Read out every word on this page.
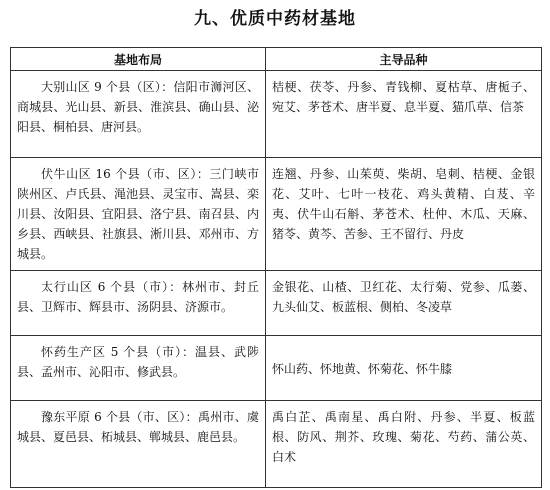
九、优质中药材基地
基地布局	主导品种
大别山区 9 个县（区）：信阳市浉河区、商城县、光山县、新县、淮滨县、确山县、泌阳县、桐柏县、唐河县。	桔梗、茯苓、丹参、青钱柳、夏枯草、唐栀子、宛艾、茅苍术、唐半夏、息半夏、猫爪草、信茶
伏牛山区 16 个县（市、区）：三门峡市陕州区、卢氏县、渑池县、灵宝市、嵩县、栾川县、汝阳县、宜阳县、洛宁县、南召县、内乡县、西峡县、社旗县、淅川县、邓州市、方城县。	连翘、丹参、山茱萸、柴胡、皂刺、桔梗、金银花、艾叶、七叶一枝花、鸡头黄精、白芨、辛夷、伏牛山石斛、茅苍术、杜仲、木瓜、天麻、猪苓、黄芩、苦参、王不留行、丹皮
太行山区 6 个县（市）：林州市、封丘县、卫辉市、辉县市、汤阴县、济源市。	金银花、山楂、卫红花、太行菊、党参、瓜蒌、九头仙艾、板蓝根、侧柏、冬凌草
怀药生产区 5 个县（市）：温县、武陟县、孟州市、沁阳市、修武县。	怀山药、怀地黄、怀菊花、怀牛膝
豫东平原 6 个县（市、区）：禹州市、虞城县、夏邑县、柘城县、郸城县、鹿邑县。	禹白芷、禹南星、禹白附、丹参、半夏、板蓝根、防风、荆芥、玫瑰、菊花、芍药、蒲公英、白术
